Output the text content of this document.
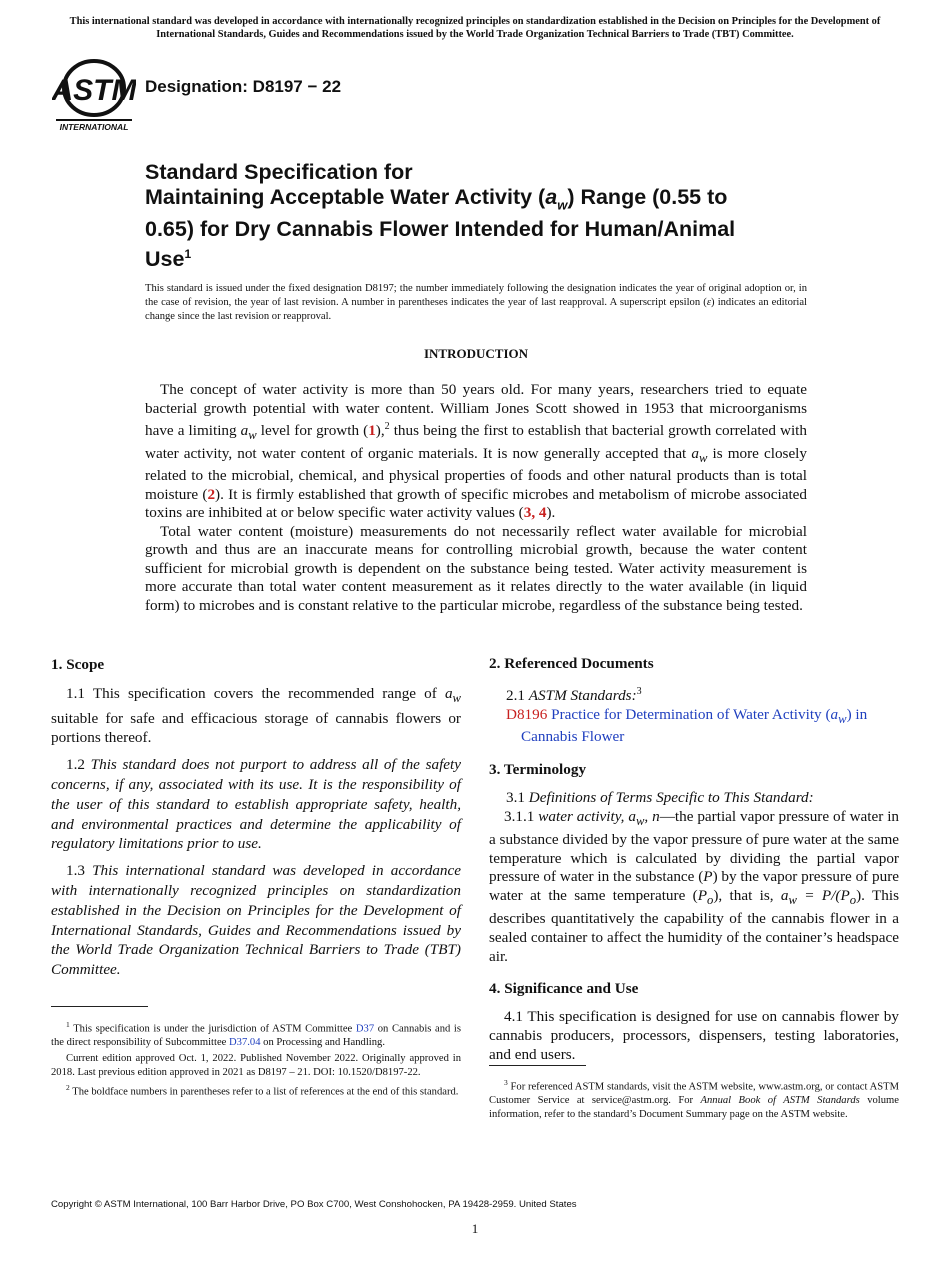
This international standard was developed in accordance with internationally recognized principles on standardization established in the Decision on Principles for the Development of International Standards, Guides and Recommendations issued by the World Trade Organization Technical Barriers to Trade (TBT) Committee.
ASTM
INTERNATIONAL
Designation: D8197 − 22
Standard Specification for
Maintaining Acceptable Water Activity $(a_w)$ Range (0.55 to
0.65) for Dry Cannabis Flower Intended for Human/Animal
Use$^1$
This standard is issued under the fixed designation D8197; the number immediately following the designation indicates the year of original adoption or, in the case of revision, the year of last revision. A number in parentheses indicates the year of last reapproval. A superscript epsilon (ε) indicates an editorial change since the last revision or reapproval.
INTRODUCTION

The concept of water activity is more than 50 years old. For many years, researchers tried to equate bacterial growth potential with water content. William Jones Scott showed in 1953 that microorganisms have a limiting $a_w$ level for growth (1),$^2$ thus being the first to establish that bacterial growth correlated with water activity, not water content of organic materials. It is now generally accepted that $a_w$ is more closely related to the microbial, chemical, and physical properties of foods and other natural products than is total moisture (2). It is firmly established that growth of specific microbes and metabolism of microbe associated toxins are inhibited at or below specific water activity values (3, 4).

Total water content (moisture) measurements do not necessarily reflect water available for microbial growth and thus are an inaccurate means for controlling microbial growth, because the water content sufficient for microbial growth is dependent on the substance being tested. Water activity measurement is more accurate than total water content measurement as it relates directly to the water available (in liquid form) to microbes and is constant relative to the particular microbe, regardless of the substance being tested.

1. Scope

1.1 This specification covers the recommended range of $a_w$ suitable for safe and efficacious storage of cannabis flowers or portions thereof.

1.2 This standard does not purport to address all of the safety concerns, if any, associated with its use. It is the responsibility of the user of this standard to establish appropriate safety, health, and environmental practices and determine the applicability of regulatory limitations prior to use.

1.3 This international standard was developed in accordance with internationally recognized principles on standardization established in the Decision on Principles for the Development of International Standards, Guides and Recommendations issued by the World Trade Organization Technical Barriers to Trade (TBT) Committee.

2. Referenced Documents

2.1 ASTM Standards:$^3$

D8196 Practice for Determination of Water Activity $(a_w)$ in Cannabis Flower

3. Terminology

3.1 Definitions of Terms Specific to This Standard:

3.1.1 water activity, $a_w$, n—the partial vapor pressure of water in a substance divided by the vapor pressure of pure water at the same temperature which is calculated by dividing the partial vapor pressure of water in the substance (P) by the vapor pressure of pure water at the same temperature $(P_o)$, that is, $a_w = P/(P_o)$. This describes quantitatively the capability of the cannabis flower in a sealed container to affect the humidity of the container’s headspace air.

4. Significance and Use

4.1 This specification is designed for use on cannabis flower by cannabis producers, processors, dispensers, testing laboratories, and end users.

$^1$ This specification is under the jurisdiction of ASTM Committee D37 on Cannabis and is the direct responsibility of Subcommittee D37.04 on Processing and Handling.

Current edition approved Oct. 1, 2022. Published November 2022. Originally approved in 2018. Last previous edition approved in 2021 as D8197 – 21. DOI: 10.1520/D8197-22.

$^2$ The boldface numbers in parentheses refer to a list of references at the end of this standard.

$^3$ For referenced ASTM standards, visit the ASTM website, www.astm.org, or contact ASTM Customer Service at service@astm.org. For Annual Book of ASTM Standards volume information, refer to the standard’s Document Summary page on the ASTM website.

Copyright © ASTM International, 100 Barr Harbor Drive, PO Box C700, West Conshohocken, PA 19428-2959. United States
1
